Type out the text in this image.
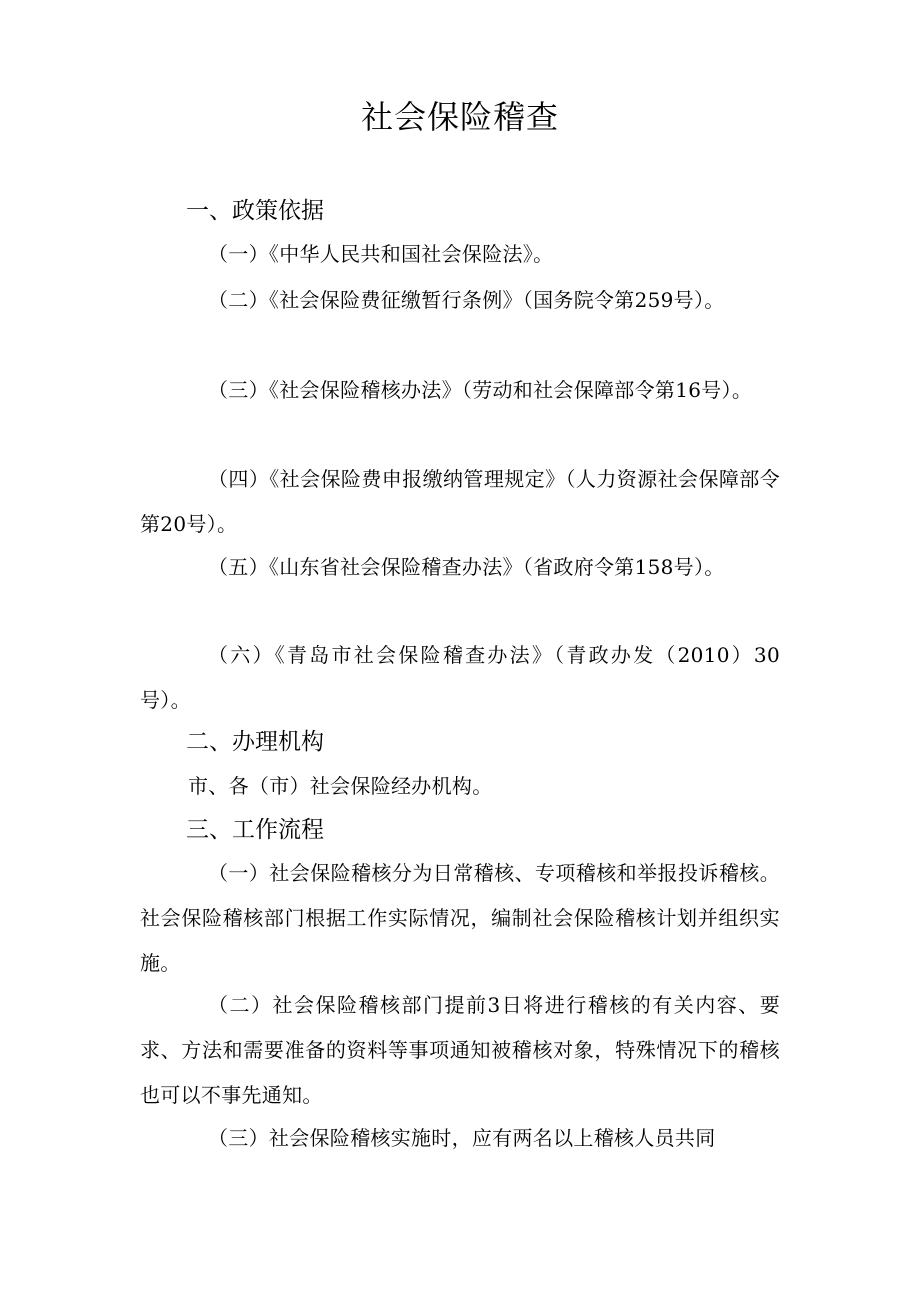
社会保险稽查
一、政策依据

（一）《中华人民共和国社会保险法》。

（二）《社会保险费征缴暂行条例》（国务院令第259号）。

（三）《社会保险稽核办法》（劳动和社会保障部令第16号）。

（四）《社会保险费申报缴纳管理规定》（人力资源社会保障部令第20号）。

（五）《山东省社会保险稽查办法》（省政府令第158号）。

（六）《青岛市社会保险稽查办法》（青政办发（2010）30号）。

二、办理机构

市、各（市）社会保险经办机构。

三、工作流程

（一）社会保险稽核分为日常稽核、专项稽核和举报投诉稽核。社会保险稽核部门根据工作实际情况，编制社会保险稽核计划并组织实施。

（二）社会保险稽核部门提前3日将进行稽核的有关内容、要求、方法和需要准备的资料等事项通知被稽核对象，特殊情况下的稽核也可以不事先通知。

（三）社会保险稽核实施时，应有两名以上稽核人员共同
